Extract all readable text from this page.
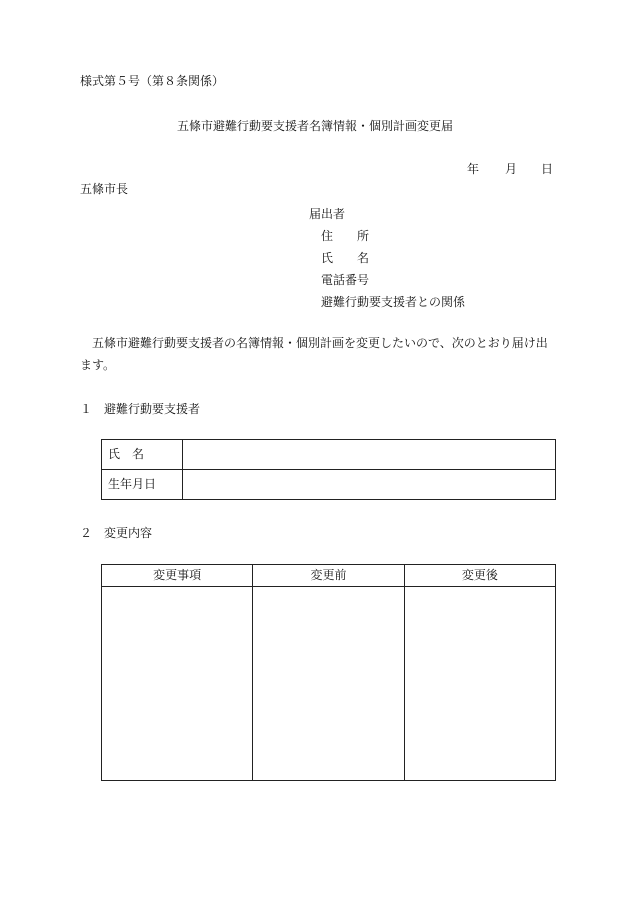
様式第５号（第８条関係）
五條市避難行動要支援者名簿情報・個別計画変更届
年 月 日
五條市長
届出者
住所
氏名
電話番号
避難行動要支援者との関係
五條市避難行動要支援者の名簿情報・個別計画を変更したいので、次のとおり届け出ます。
１　避難行動要支援者
氏　名	
生年月日	
２　変更内容
変更事項	変更前	変更後
